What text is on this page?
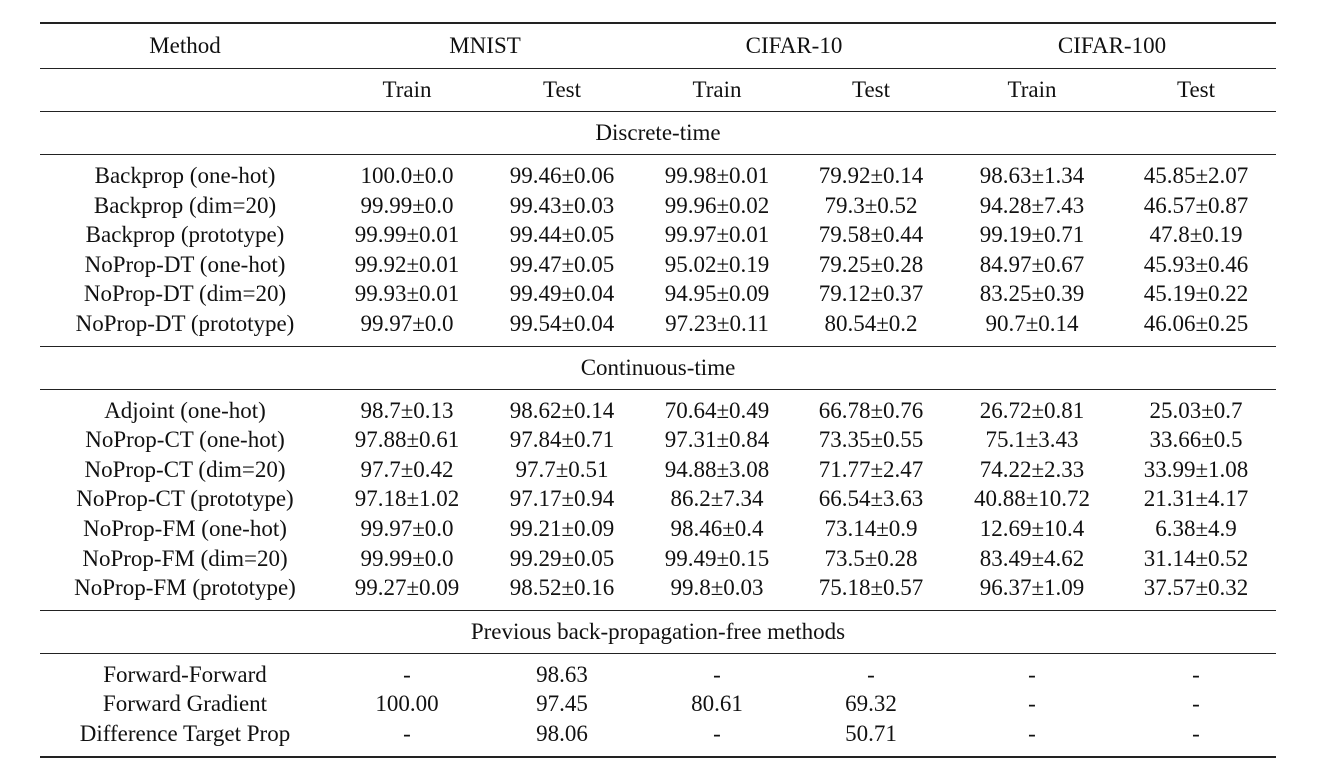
Method	MNIST		CIFAR-10		CIFAR-100	
	Train	Test	Train	Test	Train	Test
Discrete-time						
Backprop (one-hot)	100.0±0.0	99.46±0.06	99.98±0.01	79.92±0.14	98.63±1.34	45.85±2.07
Backprop (dim=20)	99.99±0.0	99.43±0.03	99.96±0.02	79.3±0.52	94.28±7.43	46.57±0.87
Backprop (prototype)	99.99±0.01	99.44±0.05	99.97±0.01	79.58±0.44	99.19±0.71	47.8±0.19
NoProp-DT (one-hot)	99.92±0.01	99.47±0.05	95.02±0.19	79.25±0.28	84.97±0.67	45.93±0.46
NoProp-DT (dim=20)	99.93±0.01	99.49±0.04	94.95±0.09	79.12±0.37	83.25±0.39	45.19±0.22
NoProp-DT (prototype)	99.97±0.0	99.54±0.04	97.23±0.11	80.54±0.2	90.7±0.14	46.06±0.25
Continuous-time						
Adjoint (one-hot)	98.7±0.13	98.62±0.14	70.64±0.49	66.78±0.76	26.72±0.81	25.03±0.7
NoProp-CT (one-hot)	97.88±0.61	97.84±0.71	97.31±0.84	73.35±0.55	75.1±3.43	33.66±0.5
NoProp-CT (dim=20)	97.7±0.42	97.7±0.51	94.88±3.08	71.77±2.47	74.22±2.33	33.99±1.08
NoProp-CT (prototype)	97.18±1.02	97.17±0.94	86.2±7.34	66.54±3.63	40.88±10.72	21.31±4.17
NoProp-FM (one-hot)	99.97±0.0	99.21±0.09	98.46±0.4	73.14±0.9	12.69±10.4	6.38±4.9
NoProp-FM (dim=20)	99.99±0.0	99.29±0.05	99.49±0.15	73.5±0.28	83.49±4.62	31.14±0.52
NoProp-FM (prototype)	99.27±0.09	98.52±0.16	99.8±0.03	75.18±0.57	96.37±1.09	37.57±0.32
Previous back-propagation-free methods						
Forward-Forward	-	98.63	-	-	-	-
Forward Gradient	100.00	97.45	80.61	69.32	-	-
Difference Target Prop	-	98.06	-	50.71	-	-
